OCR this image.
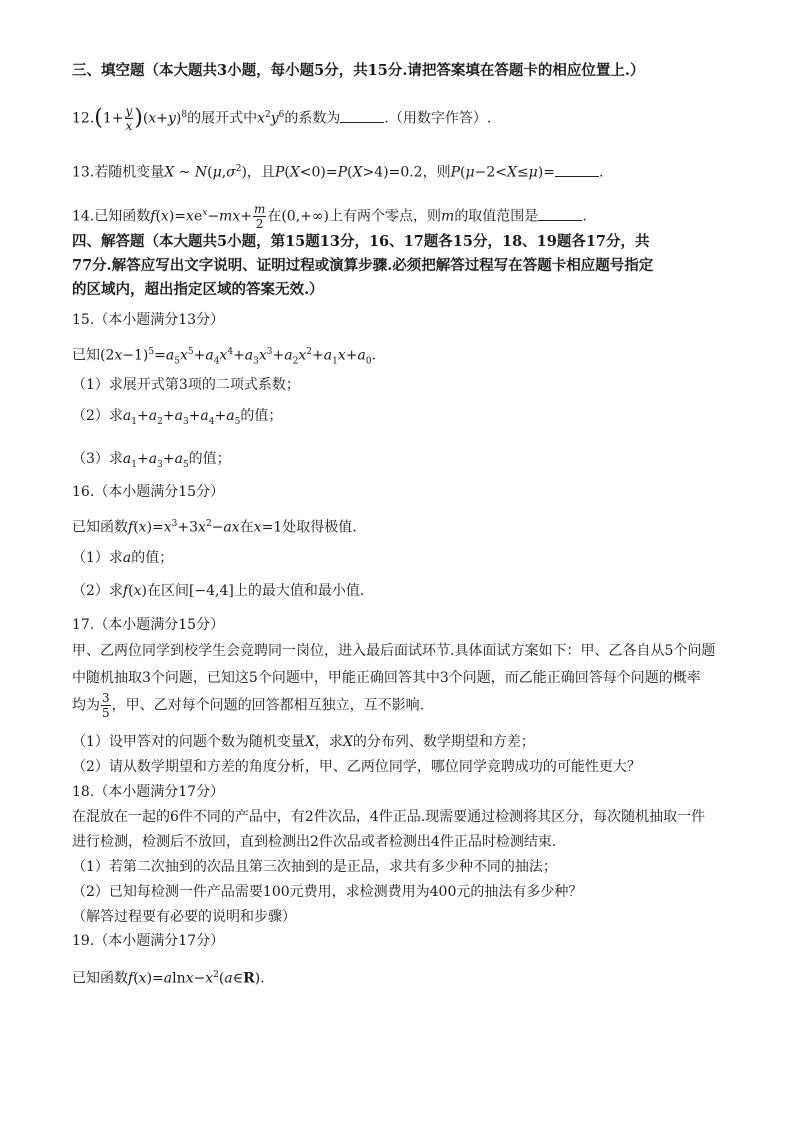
三、填空题（本大题共3小题，每小题5分，共15分.请把答案填在答题卡的相应位置上.）
$12.(1+ \frac{y}{x} )(x+y)^8$的展开式中$x^2y^6$的系数为	.（用数字作答）.
13.若随机变量X ~ $N(\mu,\sigma^2)$，且P(X<0)=P(X>4)=0.2，则P(μ−2<X≤μ)=	.
14.已知函数$f(x)=xe^x-mx+ \frac{m}{2}$ 在(0,+∞)上有两个零点，则m的取值范围是	.
四、解答题（本大题共5小题，第15题13分，16、17题各15分，18、19题各17分，共
77分.解答应写出文字说明、证明过程或演算步骤.必须把解答过程写在答题卡相应题号指定
的区域内，超出指定区域的答案无效.）
15.（本小题满分13分）
已知$(2x-1)^5=a_5x^5+a_4x^4+a_3x^3+a_2x^2+a_1x+a_0$.
（1）求展开式第3项的二项式系数；
（2）求$a_1+a_2+a_3+a_4+a_5$的值；
（3）求$a_1+a_3+a_5$的值；
16.（本小题满分15分）
已知函数$f(x)=x^3+3x^2-ax$在x=1处取得极值.
（1）求a的值；
（2）求f(x)在区间[−4,4]上的最大值和最小值.
17.（本小题满分15分）
甲、乙两位同学到校学生会竞聘同一岗位，进入最后面试环节.具体面试方案如下：甲、乙各自从5个问题
中随机抽取3个问题，已知这5个问题中，甲能正确回答其中3个问题，而乙能正确回答每个问题的概率
均为 $\frac{3}{5}$ ，甲、乙对每个问题的回答都相互独立，互不影响.
（1）设甲答对的问题个数为随机变量X，求X的分布列、数学期望和方差；
（2）请从数学期望和方差的角度分析，甲、乙两位同学，哪位同学竞聘成功的可能性更大？
18.（本小题满分17分）
在混放在一起的6件不同的产品中，有2件次品，4件正品.现需要通过检测将其区分，每次随机抽取一件
进行检测，检测后不放回，直到检测出2件次品或者检测出4件正品时检测结束.
（1）若第二次抽到的次品且第三次抽到的是正品，求共有多少种不同的抽法；
（2）已知每检测一件产品需要100元费用，求检测费用为400元的抽法有多少种？
（解答过程要有必要的说明和步骤）
19.（本小题满分17分）
已知函数$f(x)=alnx-x^2(a\in R)$.
